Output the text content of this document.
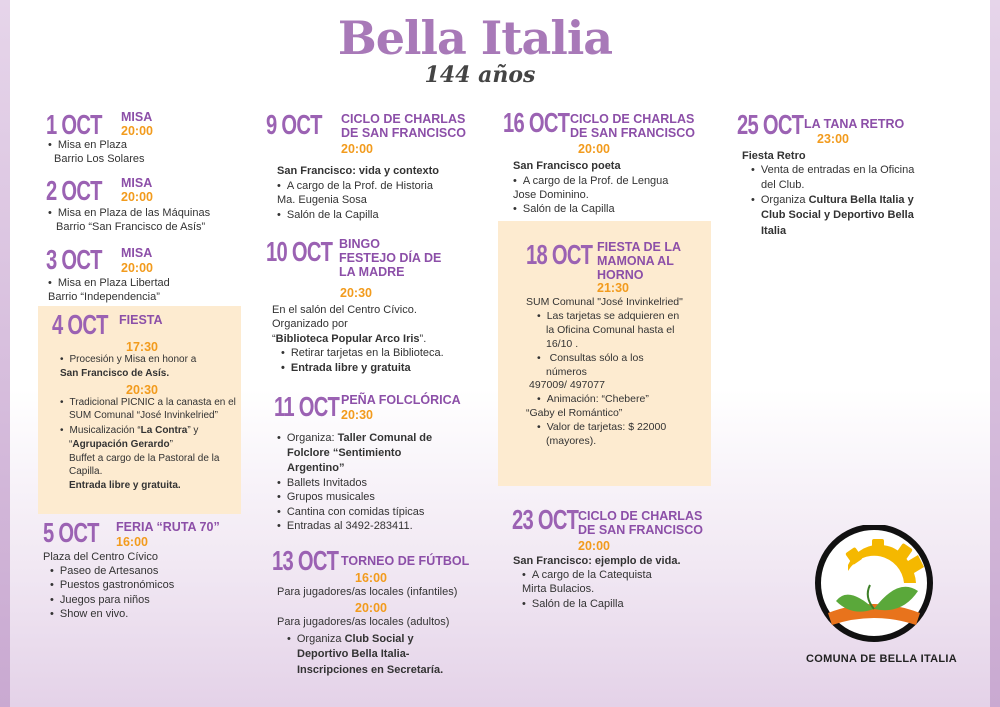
Bella Italia
144 años
1 OCT MISA
20:00
• Misa en Plaza
Barrio Los Solares
2 OCT MISA
20:00
• Misa en Plaza de las Máquinas
Barrio “San Francisco de Asís”
3 OCT MISA
20:00
• Misa en Plaza Libertad
Barrio “Independencia”
4 OCT FIESTA
17:30
• Procesión y Misa en honor a
San Francisco de Asís.
20:30
• Tradicional PICNIC a la canasta en el
SUM Comunal “José Invinkelried”
• Musicalización “La Contra” y
“Agrupación Gerardo”
Buffet a cargo de la Pastoral de la
Capilla.
Entrada libre y gratuita.
5 OCT FERIA “RUTA 70”
16:00
Plaza del Centro Cívico
• Paseo de Artesanos
• Puestos gastronómicos
• Juegos para niños
• Show en vivo.
9 OCT CICLO DE CHARLAS
DE SAN FRANCISCO
20:00
San Francisco: vida y contexto
• A cargo de la Prof. de Historia
Ma. Eugenia Sosa
• Salón de la Capilla
10 OCT BINGO
FESTEJO DÍA DE
LA MADRE
20:30
En el salón del Centro Cívico.
Organizado por
“Biblioteca Popular Arco Iris”.
• Retirar tarjetas en la Biblioteca.
• Entrada libre y gratuita
11 OCT PEÑA FOLCLÓRICA
20:30
• Organiza: Taller Comunal de
Folclore “Sentimiento
Argentino”
• Ballets Invitados
• Grupos musicales
• Cantina con comidas típicas
• Entradas al 3492-283411.
13 OCT TORNEO DE FÚTBOL
16:00
Para jugadores/as locales (infantiles)
20:00
Para jugadores/as locales (adultos)
• Organiza Club Social y
Deportivo Bella Italia-
Inscripciones en Secretaría.
16 OCT CICLO DE CHARLAS
DE SAN FRANCISCO
20:00
San Francisco poeta
• A cargo de la Prof. de Lengua
Jose Dominino.
• Salón de la Capilla
18 OCT FIESTA DE LA
MAMONA AL
HORNO
21:30
SUM Comunal "José Invinkelried"
• Las tarjetas se adquieren en
la Oficina Comunal hasta el
16/10 .
• Consultas sólo a los
números
497009/ 497077
• Animación: “Chebere”
“Gaby el Romántico”
• Valor de tarjetas: $ 22000
(mayores).
23 OCT CICLO DE CHARLAS
DE SAN FRANCISCO
20:00
San Francisco: ejemplo de vida.
• A cargo de la Catequista
Mirta Bulacios.
• Salón de la Capilla
25 OCT LA TANA RETRO
23:00
Fiesta Retro
• Venta de entradas en la Oficina
del Club.
• Organiza Cultura Bella Italia y
Club Social y Deportivo Bella
Italia
COMUNA DE BELLA ITALIA
